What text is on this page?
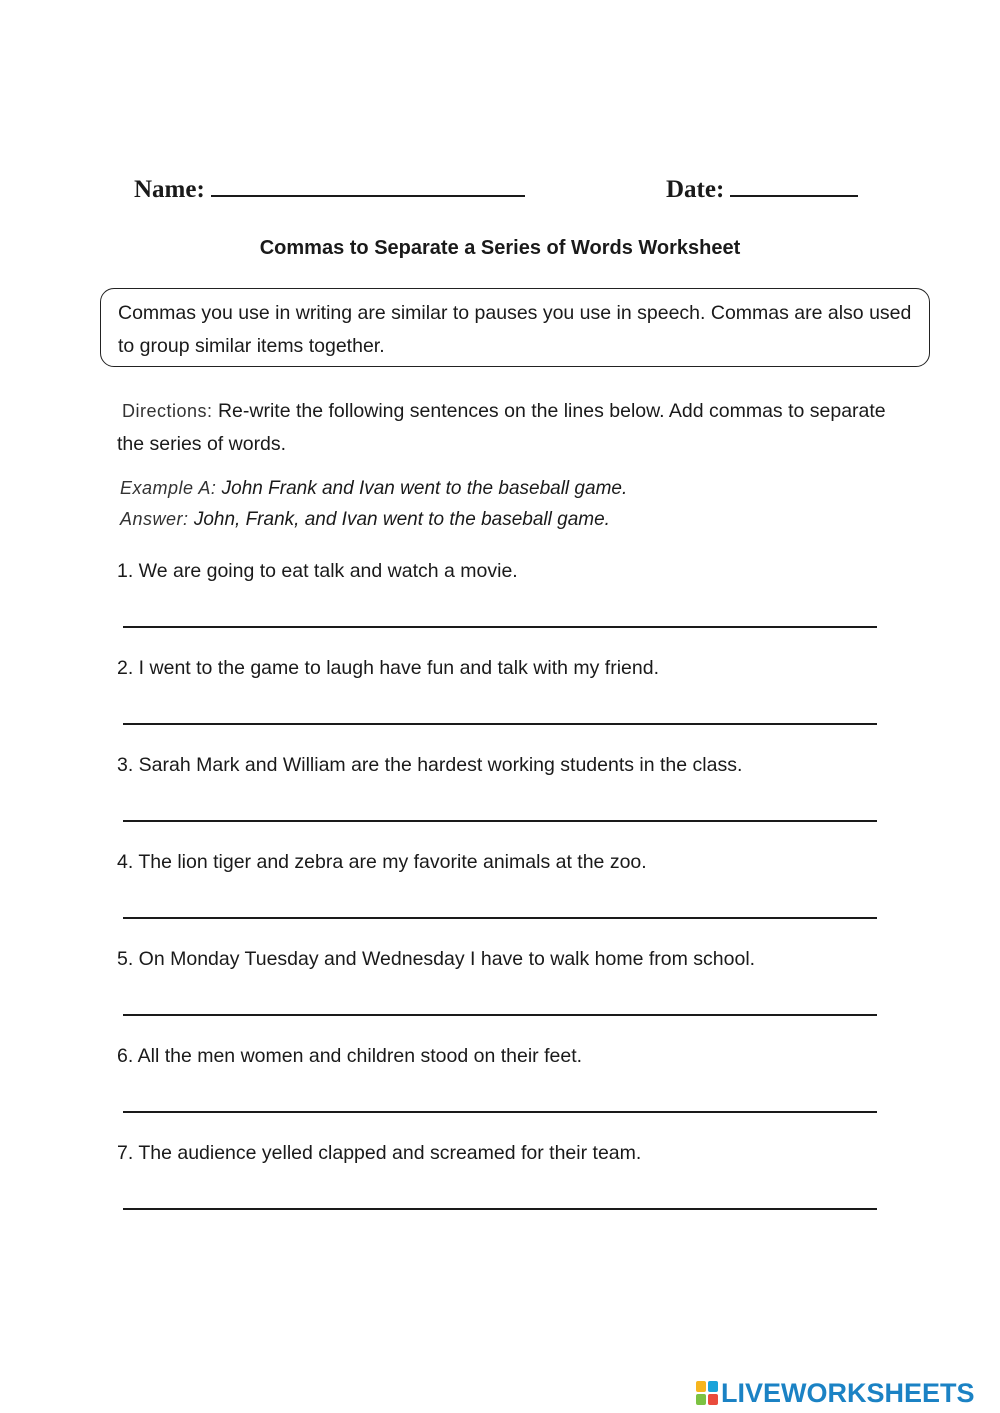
Name:	Date:
Commas to Separate a Series of Words Worksheet
Commas you use in writing are similar to pauses you use in speech. Commas are also used to group similar items together.
Directions: Re-write the following sentences on the lines below. Add commas to separate the series of words.
Example A: John Frank and Ivan went to the baseball game.
Answer: John, Frank, and Ivan went to the baseball game.
1. We are going to eat talk and watch a movie.
2. I went to the game to laugh have fun and talk with my friend.
3. Sarah Mark and William are the hardest working students in the class.
4. The lion tiger and zebra are my favorite animals at the zoo.
5. On Monday Tuesday and Wednesday I have to walk home from school.
6. All the men women and children stood on their feet.
7. The audience yelled clapped and screamed for their team.
LIVEWORKSHEETS
